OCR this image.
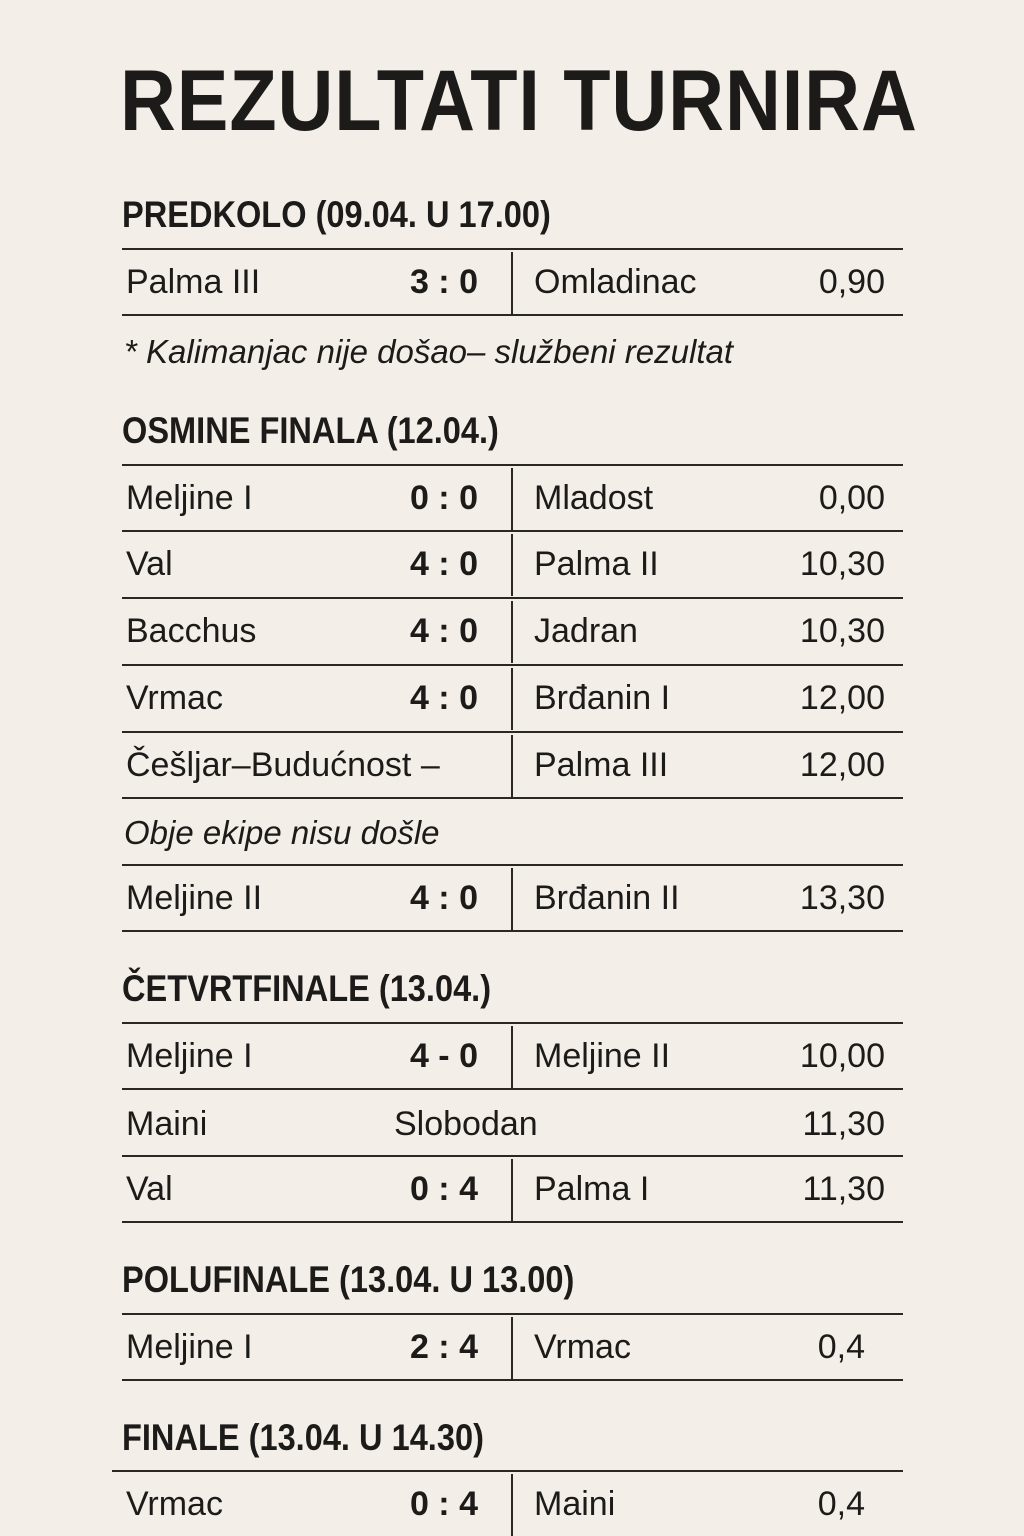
REZULTATI TURNIRA
PREDKOLO (09.04. U 17.00)
Palma III	3 : 0 Omladinac	0,90
* Kalimanjac nije došao– službeni rezultat
OSMINE FINALA (12.04.)
Meljine I	0 : 0 Mladost	0,00
Val	4 : 0 Palma II	10,30
Bacchus	4 : 0 Jadran	10,30
Vrmac	4 : 0 Brđanin I	12,00
Češljar–Budućnost –	Palma III	12,00
Obje ekipe nisu došle
Meljine II	4 : 0 Brđanin II	13,30
ČETVRTFINALE (13.04.)
Meljine I	4 - 0 Meljine II	10,00
Maini	Slobodan	11,30
Val	0 : 4 Palma I	11,30
POLUFINALE (13.04. U 13.00)
Meljine I	2 : 4 Vrmac	0,4
FINALE (13.04. U 14.30)
Vrmac	0 : 4 Maini	0,4
